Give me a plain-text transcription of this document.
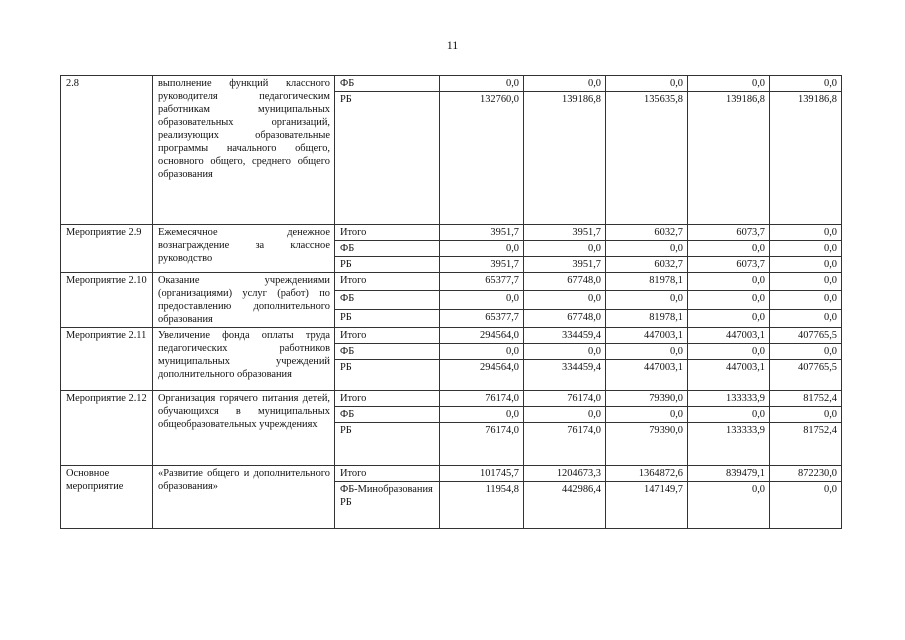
11
2.8	выполнение функций классного руководителя педагогическим работникам муниципальных образовательных организаций, реализующих образовательные программы начального общего, основного общего, среднего общего образования	ФБ	0,0	0,0	0,0	0,0	0,0
		РБ	132760,0	139186,8	135635,8	139186,8	139186,8
Мероприятие 2.9	Ежемесячное денежное вознаграждение за классное руководство	Итого	3951,7	3951,7	6032,7	6073,7	0,0
		ФБ	0,0	0,0	0,0	0,0	0,0
		РБ	3951,7	3951,7	6032,7	6073,7	0,0
Мероприятие 2.10	Оказание учреждениями (организациями) услуг (работ) по предоставлению дополнительного образования	Итого	65377,7	67748,0	81978,1	0,0	0,0
		ФБ	0,0	0,0	0,0	0,0	0,0
		РБ	65377,7	67748,0	81978,1	0,0	0,0
Мероприятие 2.11	Увеличение фонда оплаты труда педагогических работников муниципальных учреждений дополнительного образования	Итого	294564,0	334459,4	447003,1	447003,1	407765,5
		ФБ	0,0	0,0	0,0	0,0	0,0
		РБ	294564,0	334459,4	447003,1	447003,1	407765,5
Мероприятие 2.12	Организация горячего питания детей, обучающихся в муниципальных общеобразовательных учреждениях	Итого	76174,0	76174,0	79390,0	133333,9	81752,4
		ФБ	0,0	0,0	0,0	0,0	0,0
		РБ	76174,0	76174,0	79390,0	133333,9	81752,4
Основное мероприятие	«Развитие общего и дополнительного образования»	Итого	101745,7	1204673,3	1364872,6	839479,1	872230,0
		ФБ-Минобразования РБ	11954,8	442986,4	147149,7	0,0	0,0
